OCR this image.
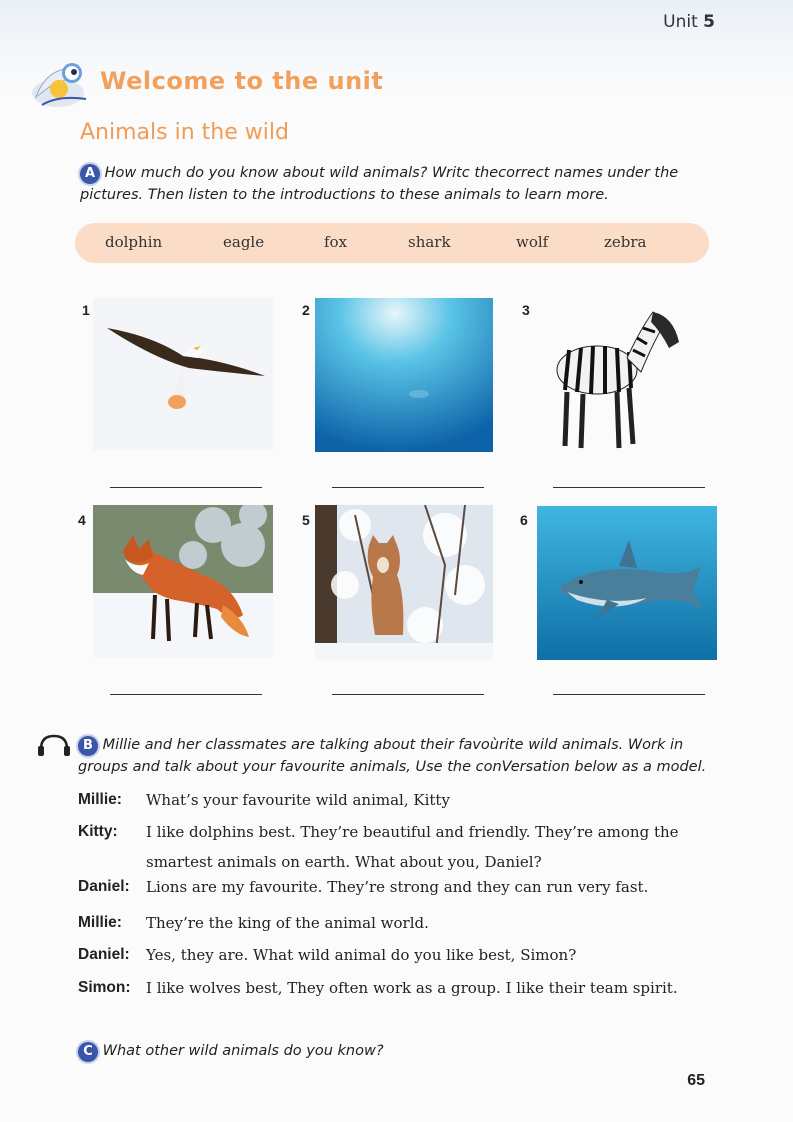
Unit 5
Welcome to the unit
Animals in the wild
A How much do you know about wild animals? Writc thecorrect names under the pictures. Then listen to the introductions to these animals to learn more.
dolphin	eagle	fox	shark	wolf	zebra
1	2	3
4	5	6
B Millie and her classmates are talking about their favoùrite wild animals. Work in groups and talk about your favourite animals, Use the conVersation below as a model.
Millie: What’s your favourite wild animal, Kitty
Kitty: I like dolphins best. They’re beautiful and friendly. They’re among the smartest animals on earth. What about you, Daniel?
Daniel: Lions are my favourite. They’re strong and they can run very fast.
Millie: They’re the king of the animal world.
Daniel: Yes, they are. What wild animal do you like best, Simon?
Simon: I like wolves best, They often work as a group. I like their team spirit.
C What other wild animals do you know?
65
